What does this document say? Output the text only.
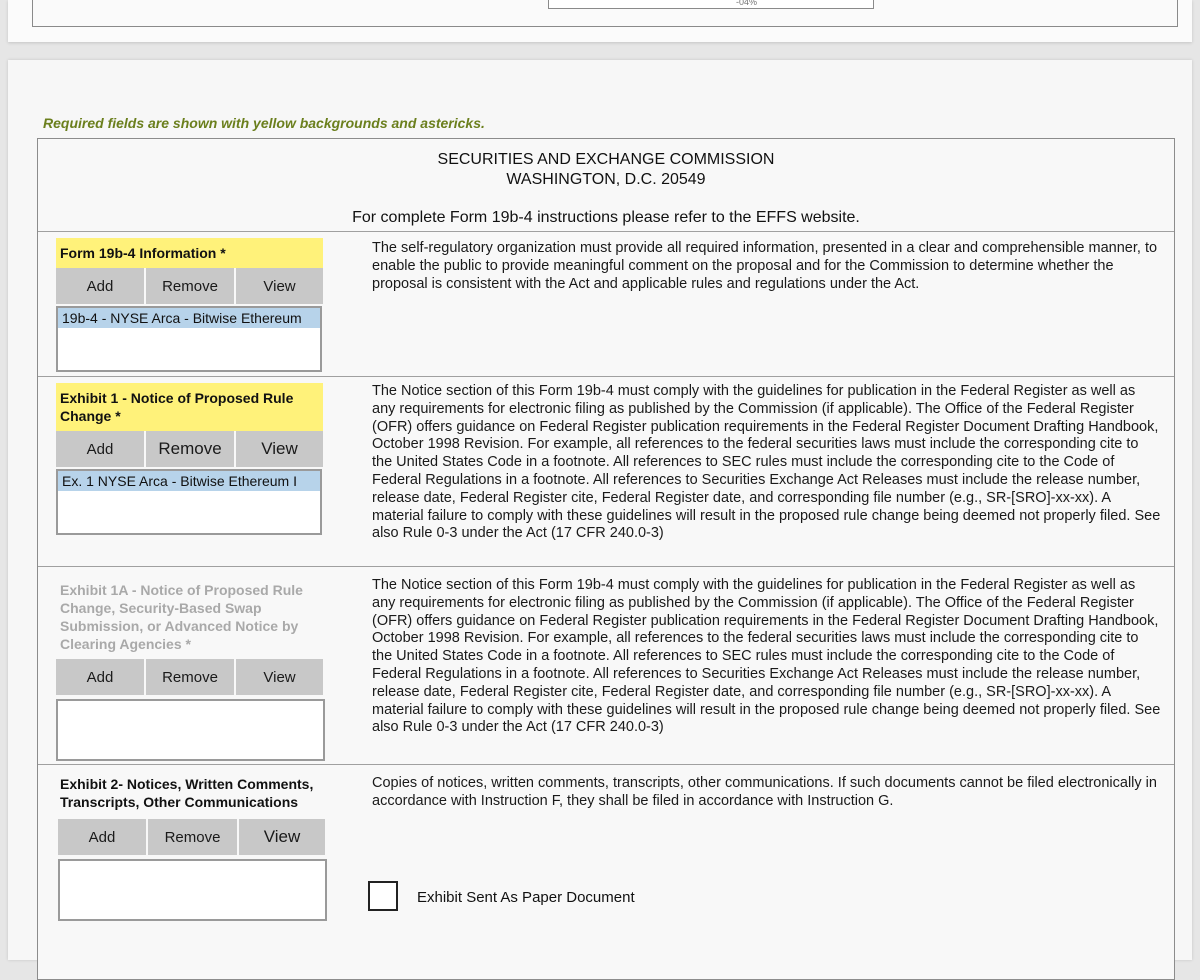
-04%
Required fields are shown with yellow backgrounds and astericks.
SECURITIES AND EXCHANGE COMMISSION
WASHINGTON, D.C. 20549
For complete Form 19b-4 instructions please refer to the EFFS website.
Form 19b-4 Information *
Add	Remove	View
19b-4 - NYSE Arca - Bitwise Ethereum
The self-regulatory organization must provide all required information, presented in a clear and comprehensible manner, to enable the public to provide meaningful comment on the proposal and for the Commission to determine whether the proposal is consistent with the Act and applicable rules and regulations under the Act.
Exhibit 1 - Notice of Proposed Rule Change *
Add	Remove	View
Ex. 1 NYSE Arca - Bitwise Ethereum I
The Notice section of this Form 19b-4 must comply with the guidelines for publication in the Federal Register as well as any requirements for electronic filing as published by the Commission (if applicable). The Office of the Federal Register (OFR) offers guidance on Federal Register publication requirements in the Federal Register Document Drafting Handbook, October 1998 Revision. For example, all references to the federal securities laws must include the corresponding cite to the United States Code in a footnote. All references to SEC rules must include the corresponding cite to the Code of Federal Regulations in a footnote. All references to Securities Exchange Act Releases must include the release number, release date, Federal Register cite, Federal Register date, and corresponding file number (e.g., SR-[SRO]-xx-xx). A material failure to comply with these guidelines will result in the proposed rule change being deemed not properly filed. See also Rule 0-3 under the Act (17 CFR 240.0-3)
Exhibit 1A - Notice of Proposed Rule Change, Security-Based Swap Submission, or Advanced Notice by Clearing Agencies *
Add	Remove	View
The Notice section of this Form 19b-4 must comply with the guidelines for publication in the Federal Register as well as any requirements for electronic filing as published by the Commission (if applicable). The Office of the Federal Register (OFR) offers guidance on Federal Register publication requirements in the Federal Register Document Drafting Handbook, October 1998 Revision. For example, all references to the federal securities laws must include the corresponding cite to the United States Code in a footnote. All references to SEC rules must include the corresponding cite to the Code of Federal Regulations in a footnote. All references to Securities Exchange Act Releases must include the release number, release date, Federal Register cite, Federal Register date, and corresponding file number (e.g., SR-[SRO]-xx-xx). A material failure to comply with these guidelines will result in the proposed rule change being deemed not properly filed. See also Rule 0-3 under the Act (17 CFR 240.0-3)
Exhibit 2- Notices, Written Comments, Transcripts, Other Communications
Add	Remove	View
Copies of notices, written comments, transcripts, other communications. If such documents cannot be filed electronically in accordance with Instruction F, they shall be filed in accordance with Instruction G.
Exhibit Sent As Paper Document
